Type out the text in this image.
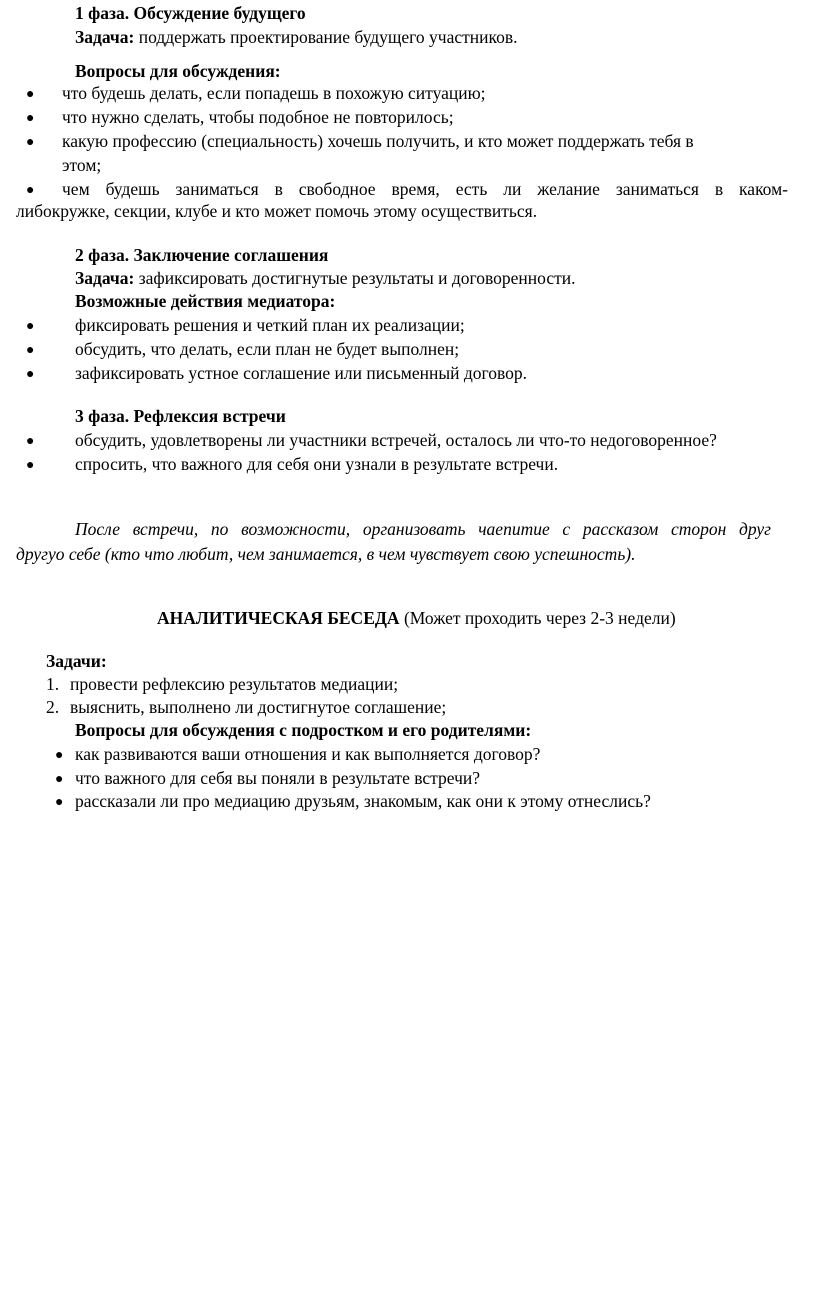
1 фаза. Обсуждение будущего
Задача: поддержать проектирование будущего участников.
Вопросы для обсуждения:
● что будешь делать, если попадешь в похожую ситуацию;
● что нужно сделать, чтобы подобное не повторилось;
● какую профессию (специальность) хочешь получить, и кто может поддержать тебя в
этом;
● чем будешь заниматься в свободное время, есть ли желание заниматься в каком-
либокружке, секции, клубе и кто может помочь этому осуществиться.
2 фаза. Заключение соглашения
Задача: зафиксировать достигнутые результаты и договоренности.
Возможные действия медиатора:
● фиксировать решения и четкий план их реализации;
● обсудить, что делать, если план не будет выполнен;
● зафиксировать устное соглашение или письменный договор.
3 фаза. Рефлексия встречи
● обсудить, удовлетворены ли участники встречей, осталось ли что-то недоговоренное?
● спросить, что важного для себя они узнали в результате встречи.
После встречи, по возможности, организовать чаепитие с рассказом сторон друг
другуо себе (кто что любит, чем занимается, в чем чувствует свою успешность).
АНАЛИТИЧЕСКАЯ БЕСЕДА (Может проходить через 2-3 недели)
Задачи:
1. провести рефлексию результатов медиации;
2. выяснить, выполнено ли достигнутое соглашение;
Вопросы для обсуждения с подростком и его родителями:
● как развиваются ваши отношения и как выполняется договор?
● что важного для себя вы поняли в результате встречи?
● рассказали ли про медиацию друзьям, знакомым, как они к этому отнеслись?
